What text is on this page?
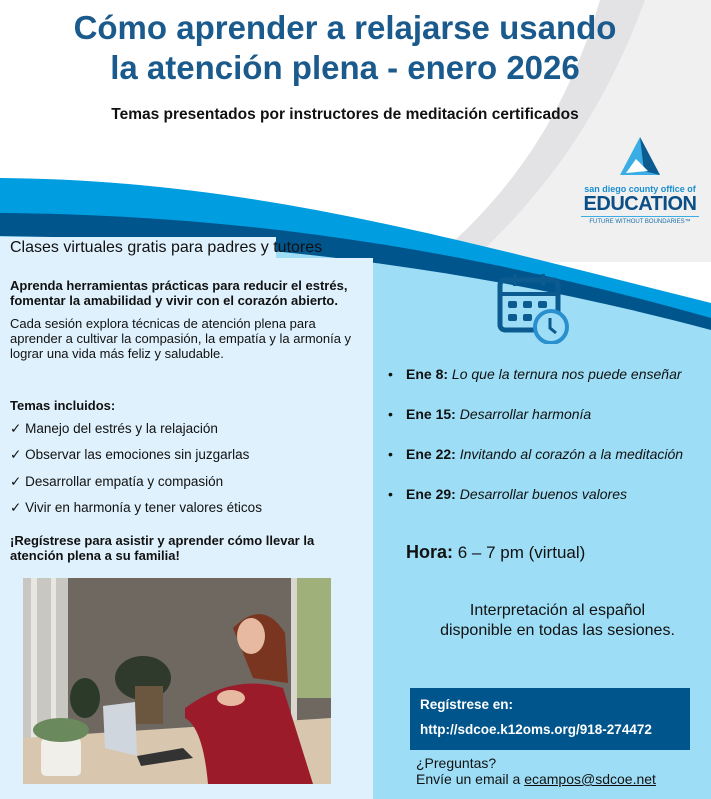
Cómo aprender a relajarse usando
la atención plena - enero 2026
Temas presentados por instructores de meditación certificados
san diego county office of
EDUCATION
FUTURE WITHOUT BOUNDARIES™
Clases virtuales gratis para padres y tutores
Aprenda herramientas prácticas para reducir el estrés,
fomentar la amabilidad y vivir con el corazón abierto.
Cada sesión explora técnicas de atención plena para
aprender a cultivar la compasión, la empatía y la armonía y
lograr una vida más feliz y saludable.
Temas incluidos:
✓ Manejo del estrés y la relajación
✓ Observar las emociones sin juzgarlas
✓ Desarrollar empatía y compasión
✓ Vivir en harmonía y tener valores éticos
¡Regístrese para asistir y aprender cómo llevar la
atención plena a su familia!
• Ene 8: Lo que la ternura nos puede enseñar
• Ene 15: Desarrollar harmonía
• Ene 22: Invitando al corazón a la meditación
• Ene 29: Desarrollar buenos valores
Hora: 6 – 7 pm (virtual)
Interpretación al español
disponible en todas las sesiones.
Regístrese en:
http://sdcoe.k12oms.org/918-274472
¿Preguntas?
Envíe un email a ecampos@sdcoe.net
